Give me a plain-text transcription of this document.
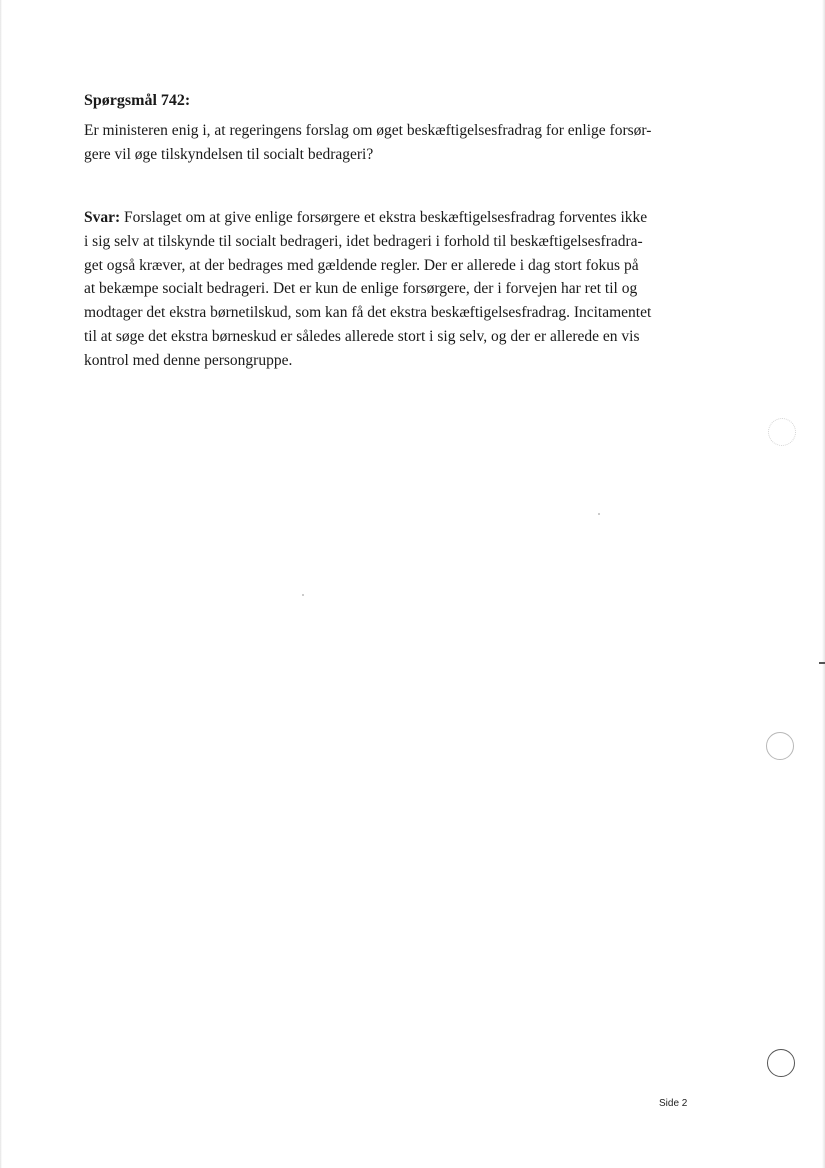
Spørgsmål 742:

Er ministeren enig i, at regeringens forslag om øget beskæftigelsesfradrag for enlige forsør-
gere vil øge tilskyndelsen til socialt bedrageri?

Svar: Forslaget om at give enlige forsørgere et ekstra beskæftigelsesfradrag forventes ikke
i sig selv at tilskynde til socialt bedrageri, idet bedrageri i forhold til beskæftigelsesfradra-
get også kræver, at der bedrages med gældende regler. Der er allerede i dag stort fokus på
at bekæmpe socialt bedrageri. Det er kun de enlige forsørgere, der i forvejen har ret til og
modtager det ekstra børnetilskud, som kan få det ekstra beskæftigelsesfradrag. Incitamentet
til at søge det ekstra børneskud er således allerede stort i sig selv, og der er allerede en vis
kontrol med denne persongruppe.

Side 2
